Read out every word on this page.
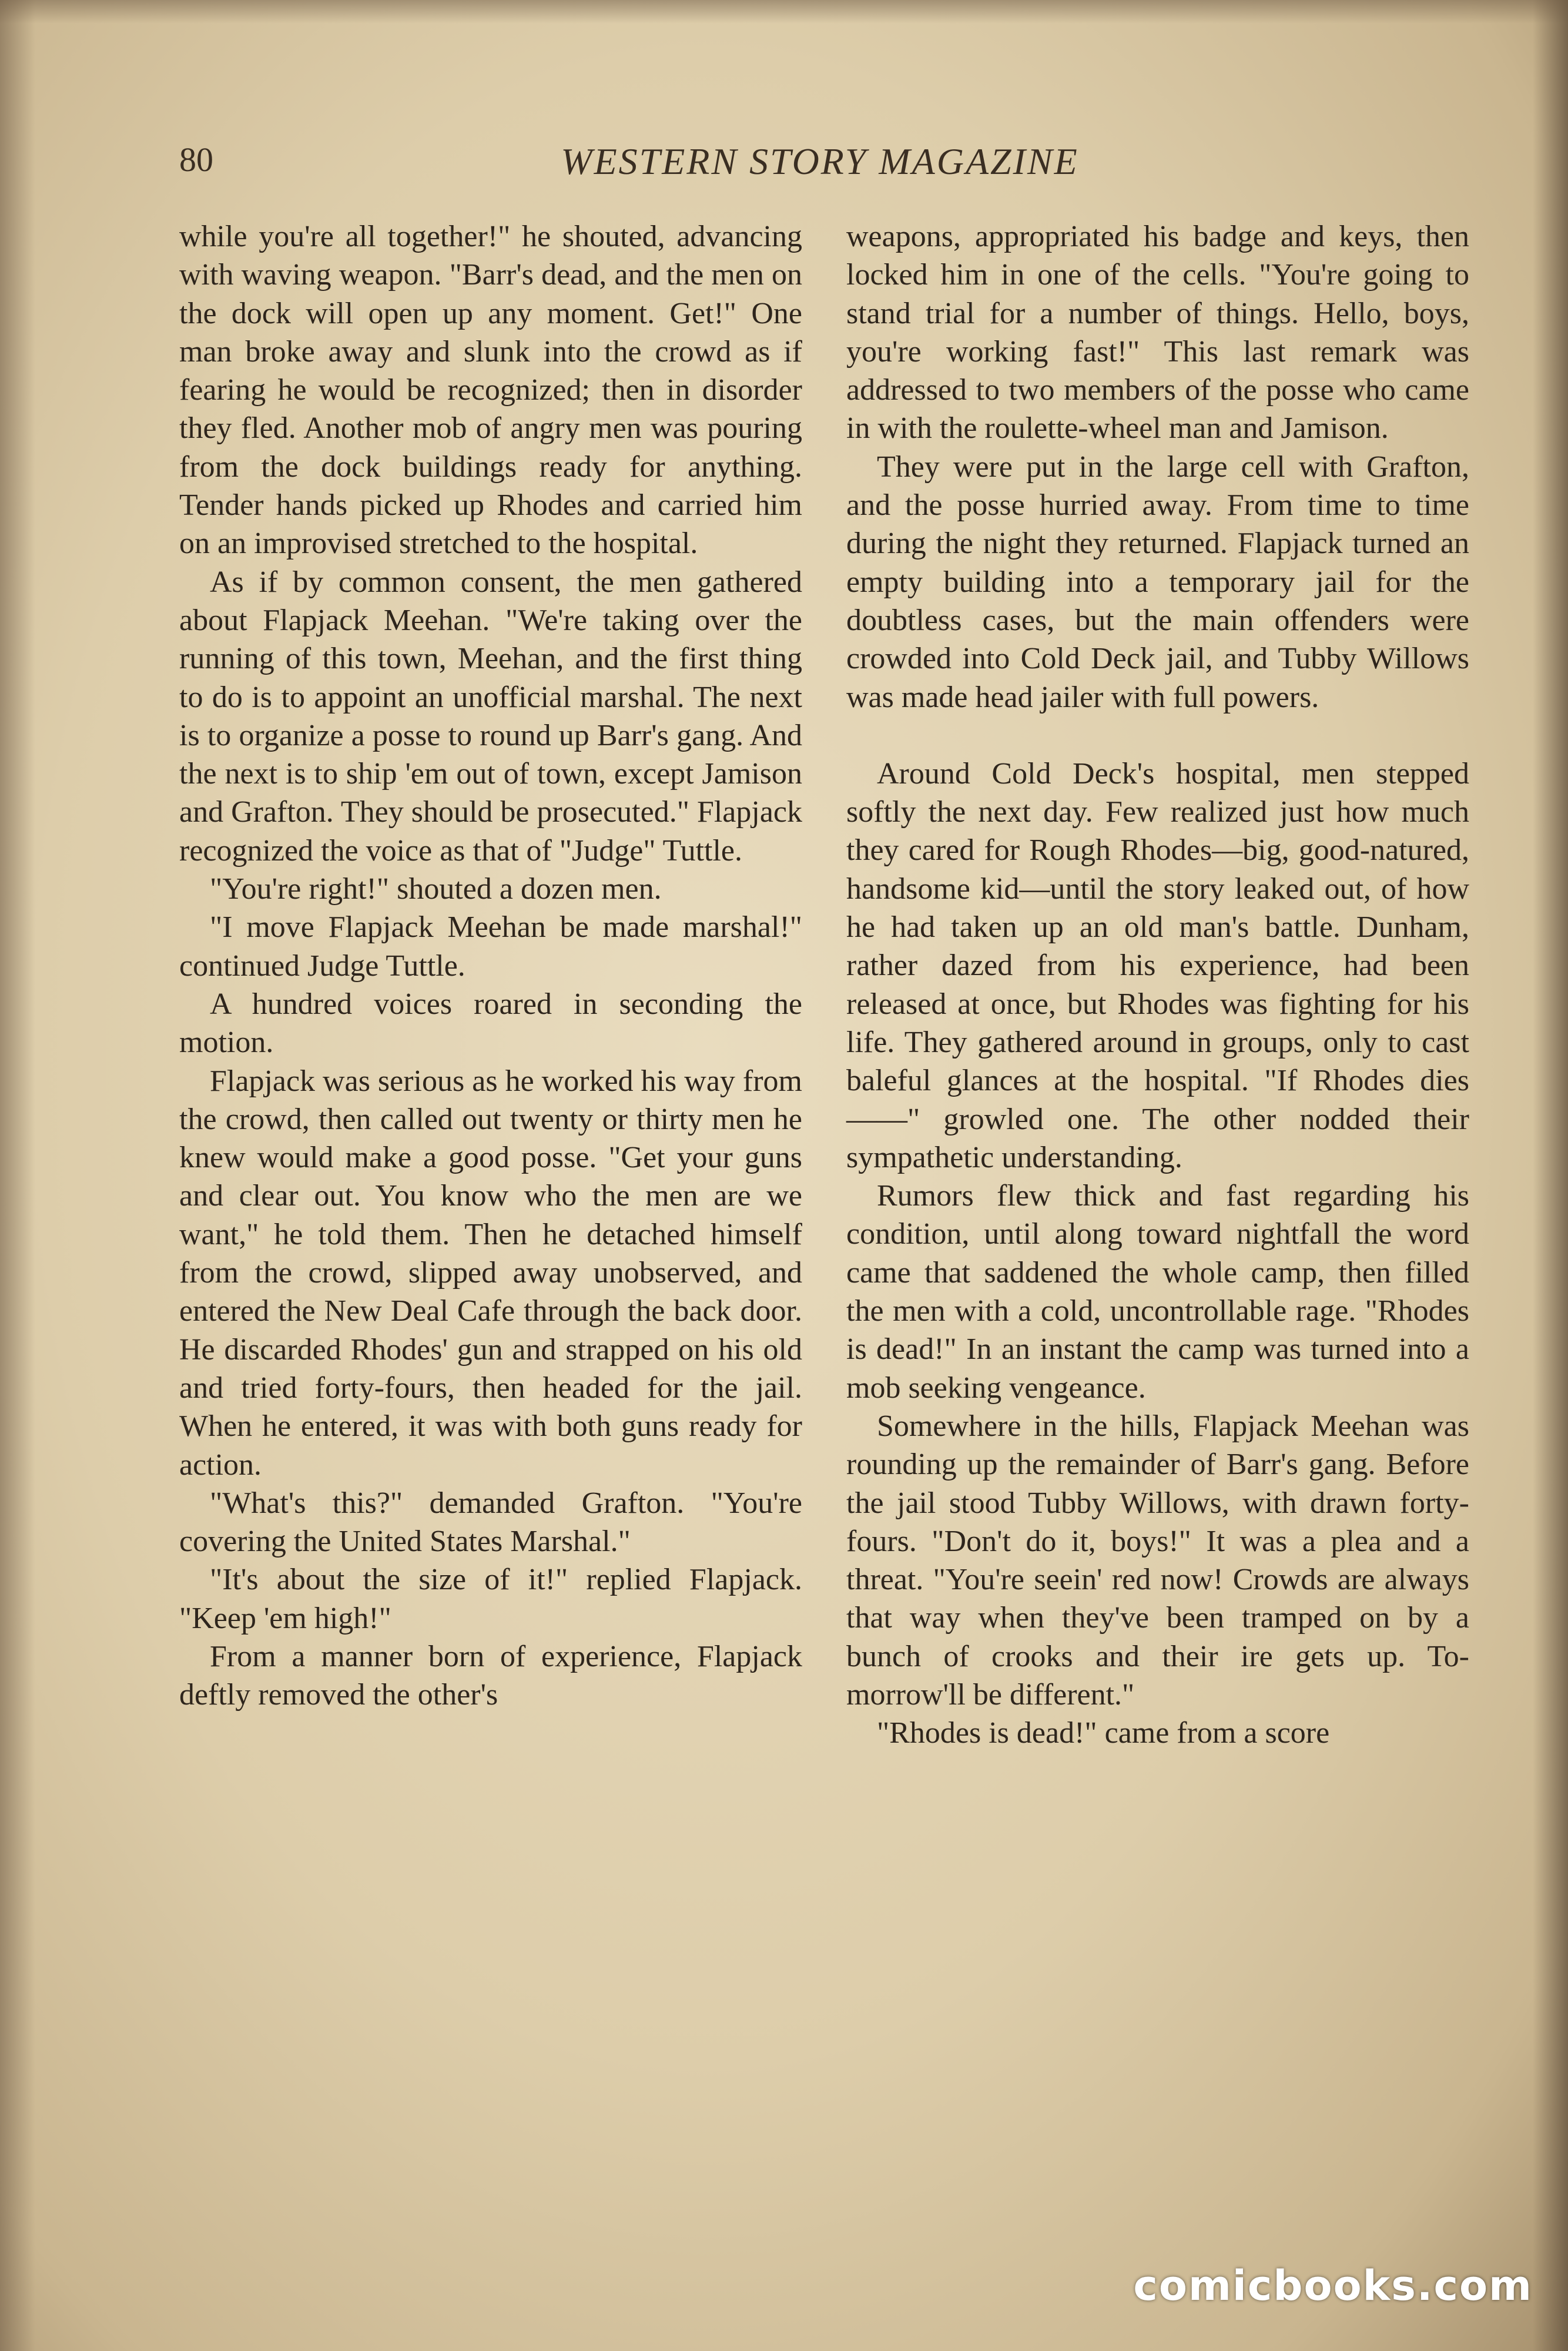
80	WESTERN STORY MAGAZINE

while you're all together!" he shouted, advancing with waving weapon. "Barr's dead, and the men on the dock will open up any moment. Get!" One man broke away and slunk into the crowd as if fearing he would be recognized; then in disorder they fled. Another mob of angry men was pouring from the dock buildings ready for anything. Tender hands picked up Rhodes and carried him on an improvised stretched to the hospital.

As if by common consent, the men gathered about Flapjack Meehan. "We're taking over the running of this town, Meehan, and the first thing to do is to appoint an unofficial marshal. The next is to organize a posse to round up Barr's gang. And the next is to ship 'em out of town, except Jamison and Grafton. They should be prosecuted." Flapjack recognized the voice as that of "Judge" Tuttle.

"You're right!" shouted a dozen men.

"I move Flapjack Meehan be made marshal!" continued Judge Tuttle.

A hundred voices roared in seconding the motion.

Flapjack was serious as he worked his way from the crowd, then called out twenty or thirty men he knew would make a good posse. "Get your guns and clear out. You know who the men are we want," he told them. Then he detached himself from the crowd, slipped away unobserved, and entered the New Deal Cafe through the back door. He discarded Rhodes' gun and strapped on his old and tried forty-fours, then headed for the jail. When he entered, it was with both guns ready for action.

"What's this?" demanded Grafton. "You're covering the United States Marshal."

"It's about the size of it!" replied Flapjack. "Keep 'em high!"

From a manner born of experience, Flapjack deftly removed the other's

weapons, appropriated his badge and keys, then locked him in one of the cells. "You're going to stand trial for a number of things. Hello, boys, you're working fast!" This last remark was addressed to two members of the posse who came in with the roulette-wheel man and Jamison.

They were put in the large cell with Grafton, and the posse hurried away. From time to time during the night they returned. Flapjack turned an empty building into a temporary jail for the doubtless cases, but the main offenders were crowded into Cold Deck jail, and Tubby Willows was made head jailer with full powers.

Around Cold Deck's hospital, men stepped softly the next day. Few realized just how much they cared for Rough Rhodes—big, good-natured, handsome kid—until the story leaked out, of how he had taken up an old man's battle. Dunham, rather dazed from his experience, had been released at once, but Rhodes was fighting for his life. They gathered around in groups, only to cast baleful glances at the hospital. "If Rhodes dies——" growled one. The other nodded their sympathetic understanding.

Rumors flew thick and fast regarding his condition, until along toward nightfall the word came that saddened the whole camp, then filled the men with a cold, uncontrollable rage. "Rhodes is dead!" In an instant the camp was turned into a mob seeking vengeance.

Somewhere in the hills, Flapjack Meehan was rounding up the remainder of Barr's gang. Before the jail stood Tubby Willows, with drawn forty-fours. "Don't do it, boys!" It was a plea and a threat. "You're seein' red now! Crowds are always that way when they've been tramped on by a bunch of crooks and their ire gets up. To-morrow'll be different."

"Rhodes is dead!" came from a score

comicbooks.com
